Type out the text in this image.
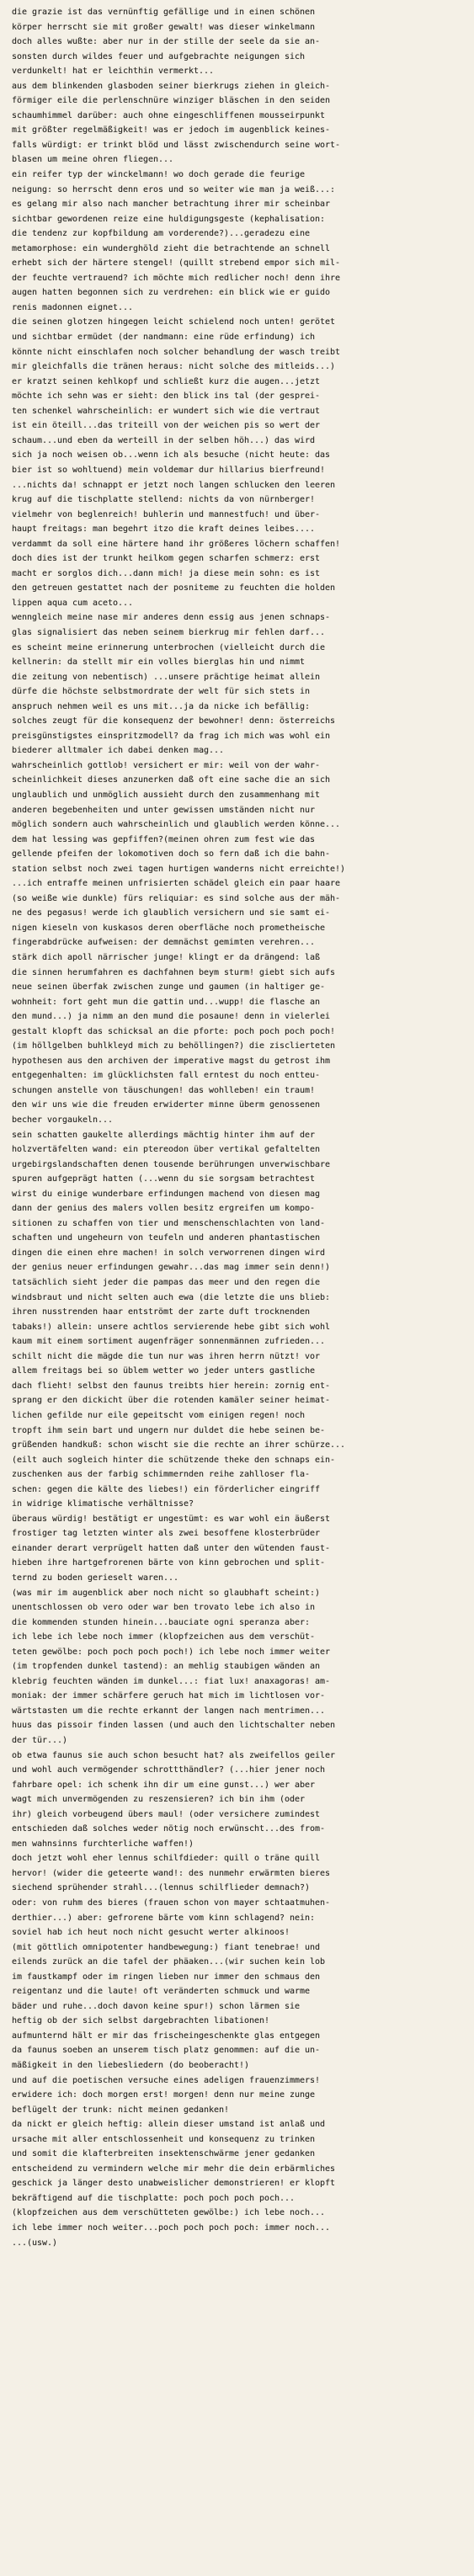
die grazie ist das vernünftig gefällige und in einen schönen
körper herrscht sie mit großer gewalt! was dieser winkelmann
doch alles wußte: aber nur in der stille der seele da sie an-
sonsten durch wildes feuer und aufgebrachte neigungen sich
verdunkelt! hat er leichthin vermerkt...
aus dem blinkenden glasboden seiner bierkrugs ziehen in gleich-
förmiger eile die perlenschnüre winziger bläschen in den seiden
schaumhimmel darüber: auch ohne eingeschliffenen mousseirpunkt
mit größter regelmäßigkeit! was er jedoch im augenblick keines-
falls würdigt: er trinkt blöd und lässt zwischendurch seine wort-
blasen um meine ohren fliegen...
ein reifer typ der winckelmann! wo doch gerade die feurige
neigung: so herrscht denn eros und so weiter wie man ja weiß...:
es gelang mir also nach mancher betrachtung ihrer mir scheinbar
sichtbar gewordenen reize eine huldigungsgeste (kephalisation:
die tendenz zur kopfbildung am vorderende?)...geradezu eine
metamorphose: ein wunderghöld zieht die betrachtende an schnell
erhebt sich der härtere stengel! (quillt strebend empor sich mil-
der feuchte vertrauend? ich möchte mich redlicher noch! denn ihre
augen hatten begonnen sich zu verdrehen: ein blick wie er guido
renis madonnen eignet...
die seinen glotzen hingegen leicht schielend noch unten! gerötet
und sichtbar ermüdet (der nandmann: eine rüde erfindung) ich
könnte nicht einschlafen noch solcher behandlung der wasch treibt
mir gleichfalls die tränen heraus: nicht solche des mitleids...)
er kratzt seinen kehlkopf und schließt kurz die augen...jetzt
möchte ich sehn was er sieht: den blick ins tal (der gesprei-
ten schenkel wahrscheinlich: er wundert sich wie die vertraut
ist ein öteill...das triteill von der weichen pis so wert der
schaum...und eben da werteill in der selben höh...) das wird
sich ja noch weisen ob...wenn ich als besuche (nicht heute: das
bier ist so wohltuend) mein voldemar dur hillarius bierfreund!
...nichts da! schnappt er jetzt noch langen schlucken den leeren
krug auf die tischplatte stellend: nichts da von nürnberger!
vielmehr von beglenreich! buhlerin und mannestfuch! und über-
haupt freitags: man begehrt itzo die kraft deines leibes....
verdammt da soll eine härtere hand ihr größeres löchern schaffen!
doch dies ist der trunkt heilkom gegen scharfen schmerz: erst
macht er sorglos dich...dann mich! ja diese mein sohn: es ist
den getreuen gestattet nach der posniteme zu feuchten die holden
lippen aqua cum aceto...
wenngleich meine nase mir anderes denn essig aus jenen schnaps-
glas signalisiert das neben seinem bierkrug mir fehlen darf...
es scheint meine erinnerung unterbrochen (vielleicht durch die
kellnerin: da stellt mir ein volles bierglas hin und nimmt
die zeitung von nebentisch) ...unsere prächtige heimat allein
dürfe die höchste selbstmordrate der welt für sich stets in
anspruch nehmen weil es uns mit...ja da nicke ich befällig:
solches zeugt für die konsequenz der bewohner! denn: österreichs
preisgünstigstes einspritzmodell? da frag ich mich was wohl ein
biederer alltmaler ich dabei denken mag...
wahrscheinlich gottlob! versichert er mir: weil von der wahr-
scheinlichkeit dieses anzunerken daß oft eine sache die an sich
unglaublich und unmöglich aussieht durch den zusammenhang mit
anderen begebenheiten und unter gewissen umständen nicht nur
möglich sondern auch wahrscheinlich und glaublich werden könne...
dem hat lessing was gepfiffen?(meinen ohren zum fest wie das
gellende pfeifen der lokomotiven doch so fern daß ich die bahn-
station selbst noch zwei tagen hurtigen wanderns nicht erreichte!)
...ich entraffe meinen unfrisierten schädel gleich ein paar haare
(so weiße wie dunkle) fürs reliquiar: es sind solche aus der mäh-
ne des pegasus! werde ich glaublich versichern und sie samt ei-
nigen kieseln von kuskasos deren oberfläche noch prometheische
fingerabdrücke aufweisen: der demnächst gemimten verehren...
stärk dich apoll närrischer junge! klingt er da drängend: laß
die sinnen herumfahren es dachfahnen beym sturm! giebt sich aufs
neue seinen überfak zwischen zunge und gaumen (in haltiger ge-
wohnheit: fort geht mun die gattin und...wupp! die flasche an
den mund...) ja nimm an den mund die posaune! denn in vielerlei
gestalt klopft das schicksal an die pforte: poch poch poch poch!
(im höllgelben buhlkleyd mich zu behöllingen?) die zisclierteten
hypothesen aus den archiven der imperative magst du getrost ihm
entgegenhalten: im glücklichsten fall erntest du noch entteu-
schungen anstelle von täuschungen! das wohlleben! ein traum!
den wir uns wie die freuden erwiderter minne überm genossenen
becher vorgaukeln...
sein schatten gaukelte allerdings mächtig hinter ihm auf der
holzvertäfelten wand: ein ptereodon über vertikal gefaltelten
urgebirgslandschaften denen tousende berührungen unverwischbare
spuren aufgeprägt hatten (...wenn du sie sorgsam betrachtest
wirst du einige wunderbare erfindungen machend von diesen mag
dann der genius des malers vollen besitz ergreifen um kompo-
sitionen zu schaffen von tier und menschenschlachten von land-
schaften und ungeheurn von teufeln und anderen phantastischen
dingen die einen ehre machen! in solch verworrenen dingen wird
der genius neuer erfindungen gewahr...das mag immer sein denn!)
tatsächlich sieht jeder die pampas das meer und den regen die
windsbraut und nicht selten auch ewa (die letzte die uns blieb:
ihren nusstrenden haar entströmt der zarte duft trocknenden
tabaks!) allein: unsere achtlos servierende hebe gibt sich wohl
kaum mit einem sortiment augenfräger sonnenmännen zufrieden...
schilt nicht die mägde die tun nur was ihren herrn nützt! vor
allem freitags bei so üblem wetter wo jeder unters gastliche
dach flieht! selbst den faunus treibts hier herein: zornig ent-
sprang er den dickicht über die rotenden kamäler seiner heimat-
lichen gefilde nur eile gepeitscht vom einigen regen! noch
tropft ihm sein bart und ungern nur duldet die hebe seinen be-
grüßenden handkuß: schon wischt sie die rechte an ihrer schürze...
(eilt auch sogleich hinter die schützende theke den schnaps ein-
zuschenken aus der farbig schimmernden reihe zahlloser fla-
schen: gegen die kälte des liebes!) ein förderlicher eingriff
in widrige klimatische verhältnisse?
überaus würdig! bestätigt er ungestümt: es war wohl ein äußerst
frostiger tag letzten winter als zwei besoffene klosterbrüder
einander derart verprügelt hatten daß unter den wütenden faust-
hieben ihre hartgefrorenen bärte von kinn gebrochen und split-
ternd zu boden gerieselt waren...
(was mir im augenblick aber noch nicht so glaubhaft scheint:)
unentschlossen ob vero oder war ben trovato lebe ich also in
die kommenden stunden hinein...bauciate ogni speranza aber:
ich lebe ich lebe noch immer (klopfzeichen aus dem verschüt-
teten gewölbe: poch poch poch poch!) ich lebe noch immer weiter
(im tropfenden dunkel tastend): an mehlig staubigen wänden an
klebrig feuchten wänden im dunkel...: fiat lux! anaxagoras! am-
moniak: der immer schärfere geruch hat mich im lichtlosen vor-
wärtstasten um die rechte erkannt der langen nach mentrimen...
huus das pissoir finden lassen (und auch den lichtschalter neben
der tür...)
ob etwa faunus sie auch schon besucht hat? als zweifellos geiler
und wohl auch vermögender schrottthändler? (...hier jener noch
fahrbare opel: ich schenk ihn dir um eine gunst...) wer aber
wagt mich unvermögenden zu reszensieren? ich bin ihm (oder
ihr) gleich vorbeugend übers maul! (oder versichere zumindest
entschieden daß solches weder nötig noch erwünscht...des from-
men wahnsinns furchterliche waffen!)
doch jetzt wohl eher lennus schilfdieder: quill o träne quill
hervor! (wider die geteerte wand!: des nunmehr erwärmten bieres
siechend sprühender strahl...(lennus schilflieder demnach?)
oder: von ruhm des bieres (frauen schon von mayer schtaatmuhen-
derthier...) aber: gefrorene bärte vom kinn schlagend? nein:
soviel hab ich heut noch nicht gesucht werter alkinoos!
(mit göttlich omnipotenter handbewegung:) fiant tenebrae! und
eilends zurück an die tafel der phäaken...(wir suchen kein lob
im faustkampf oder im ringen lieben nur immer den schmaus den
reigentanz und die laute! oft veränderten schmuck und warme
bäder und ruhe...doch davon keine spur!) schon lärmen sie
heftig ob der sich selbst dargebrachten libationen!
aufmunternd hält er mir das frischeingeschenkte glas entgegen
da faunus soeben an unserem tisch platz genommen: auf die un-
mäßigkeit in den liebesliedern (do beoberacht!)
und auf die poetischen versuche eines adeligen frauenzimmers!
erwidere ich: doch morgen erst! morgen! denn nur meine zunge
beflügelt der trunk: nicht meinen gedanken!
da nickt er gleich heftig: allein dieser umstand ist anlaß und
ursache mit aller entschlossenheit und konsequenz zu trinken
und somit die klafterbreiten insektenschwärme jener gedanken
entscheidend zu vermindern welche mir mehr die dein erbärmliches
geschick ja länger desto unabweislicher demonstrieren! er klopft
bekräftigend auf die tischplatte: poch poch poch poch...
(klopfzeichen aus dem verschütteten gewölbe:) ich lebe noch...
ich lebe immer noch weiter...poch poch poch poch: immer noch...
...(usw.)
